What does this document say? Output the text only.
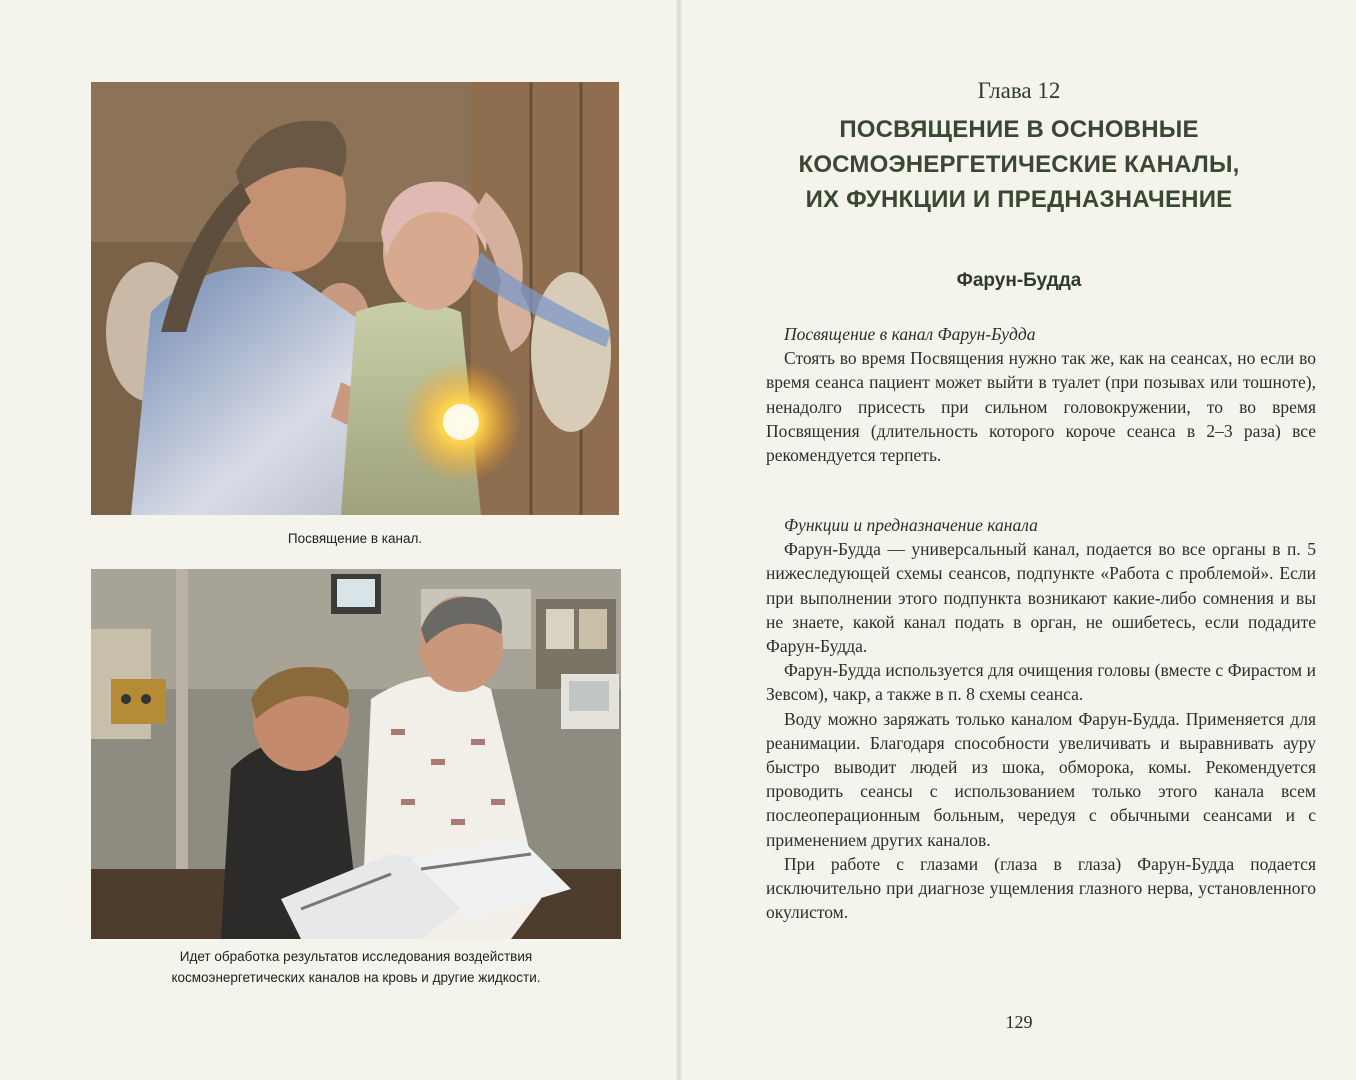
Посвящение в канал.
Идет обработка результатов исследования воздействия
космоэнергетических каналов на кровь и другие жидкости.
Глава 12
ПОСВЯЩЕНИЕ В ОСНОВНЫЕ
КОСМОЭНЕРГЕТИЧЕСКИЕ КАНАЛЫ,
ИХ ФУНКЦИИ И ПРЕДНАЗНАЧЕНИЕ
Фарун-Будда

Посвящение в канал Фарун-Будда

Стоять во время Посвящения нужно так же, как на сеансах, но если во время сеанса пациент может выйти в туалет (при позывах или тошноте), ненадолго присесть при сильном головокружении, то во время Посвящения (длительность которого короче сеанса в 2–3 раза) все рекомендуется терпеть.

Функции и предназначение канала

Фарун-Будда — универсальный канал, подается во все органы в п. 5 нижеследующей схемы сеансов, подпункте «Работа с проблемой». Если при выполнении этого подпункта возникают какие-либо сомнения и вы не знаете, какой канал подать в орган, не ошибетесь, если подадите Фарун-Будда.

Фарун-Будда используется для очищения головы (вместе с Фирастом и Зевсом), чакр, а также в п. 8 схемы сеанса.

Воду можно заряжать только каналом Фарун-Будда. Применяется для реанимации. Благодаря способности увеличивать и выравнивать ауру быстро выводит людей из шока, обморока, комы. Рекомендуется проводить сеансы с использованием только этого канала всем послеоперационным больным, чередуя с обычными сеансами и с применением других каналов.

При работе с глазами (глаза в глаза) Фарун-Будда подается исключительно при диагнозе ущемления глазного нерва, установленного окулистом.

129
